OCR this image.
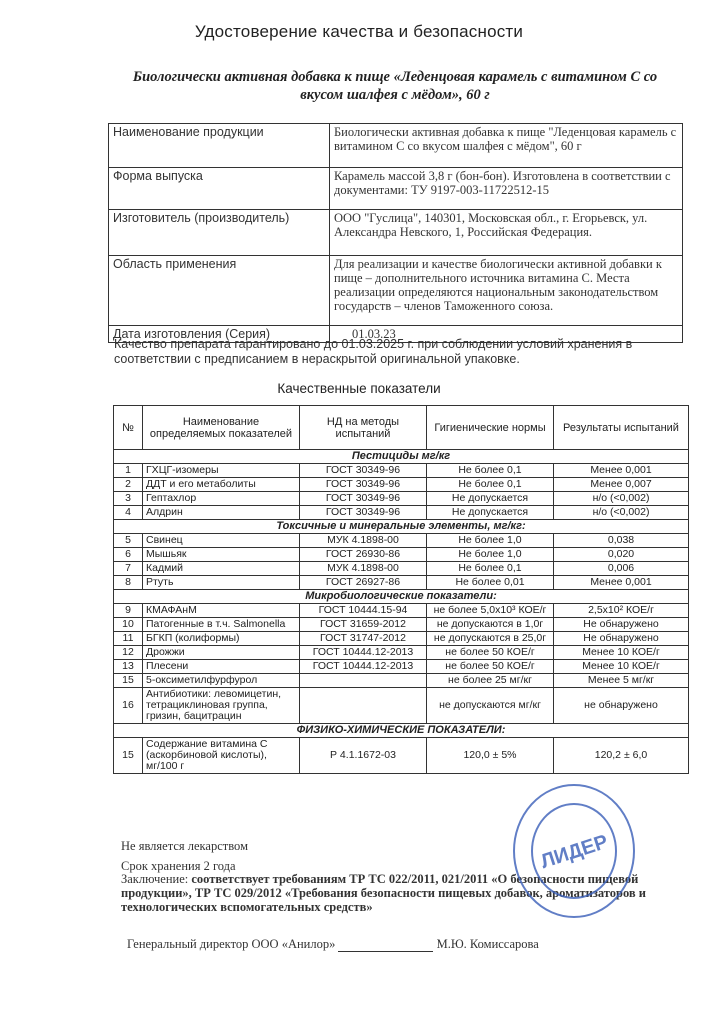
Удостоверение качества и безопасности
Биологически активная добавка к пище «Леденцовая карамель с витамином С со вкусом шалфея с мёдом», 60 г
Наименование продукции	Биологически активная добавка к пище "Леденцовая карамель с витамином С со вкусом шалфея с мёдом", 60 г
Форма выпуска	Карамель массой 3,8 г (бон-бон). Изготовлена в соответствии с документами: ТУ 9197-003-11722512-15
Изготовитель (производитель)	ООО "Гуслица", 140301, Московская обл., г. Егорьевск, ул. Александра Невского, 1, Российская Федерация.
Область применения	Для реализации и качестве биологически активной добавки к пище – дополнительного источника витамина С. Места реализации определяются национальным законодательством государств – членов Таможенного союза.
Дата изготовления (Серия)	01.03.23
Качество препарата гарантировано до 01.03.2025 г. при соблюдении условий хранения в соответствии с предписанием в нераскрытой оригинальной упаковке.
Качественные показатели
№	Наименование определяемых показателей	НД на методы испытаний	Гигиенические нормы	Результаты испытаний
Пестициды мг/кг				
1	ГХЦГ-изомеры	ГОСТ 30349-96	Не более 0,1	Менее 0,001
2	ДДТ и его метаболиты	ГОСТ 30349-96	Не более 0,1	Менее 0,007
3	Гептахлор	ГОСТ 30349-96	Не допускается	н/о (<0,002)
4	Алдрин	ГОСТ 30349-96	Не допускается	н/о (<0,002)
Токсичные и минеральные элементы, мг/кг:				
5	Свинец	МУК 4.1898-00	Не более 1,0	0,038
6	Мышьяк	ГОСТ 26930-86	Не более 1,0	0,020
7	Кадмий	МУК 4.1898-00	Не более 0,1	0,006
8	Ртуть	ГОСТ 26927-86	Не более 0,01	Менее 0,001
Микробиологические показатели:				
9	КМАФАнМ	ГОСТ 10444.15-94	не более 5,0х10³ КОЕ/г	2,5х10² КОЕ/г
10	Патогенные в т.ч. Salmonella	ГОСТ 31659-2012	не допускаются в 1,0г	Не обнаружено
11	БГКП (колиформы)	ГОСТ 31747-2012	не допускаются в 25,0г	Не обнаружено
12	Дрожжи	ГОСТ 10444.12-2013	не более 50 КОЕ/г	Менее 10 КОЕ/г
13	Плесени	ГОСТ 10444.12-2013	не более 50 КОЕ/г	Менее 10 КОЕ/г
15	5-оксиметилфурфурол		не более 25 мг/кг	Менее 5 мг/кг
16	Антибиотики: левомицетин, тетрациклиновая группа, гризин, бацитрацин		не допускаются мг/кг	не обнаружено
ФИЗИКО-ХИМИЧЕСКИЕ ПОКАЗАТЕЛИ:				
15	Содержание витамина С (аскорбиновой кислоты), мг/100 г	Р 4.1.1672-03	120,0 ± 5%	120,2 ± 6,0
Не является лекарством
Срок хранения 2 года
Заключение: соответствует требованиям ТР ТС 022/2011, 021/2011 «О безопасности пищевой продукции», ТР ТС 029/2012 «Требования безопасности пищевых добавок, ароматизаторов и технологических вспомогательных средств»
Генеральный директор ООО «Анилор»	М.Ю. Комиссарова
ЛИДЕР
